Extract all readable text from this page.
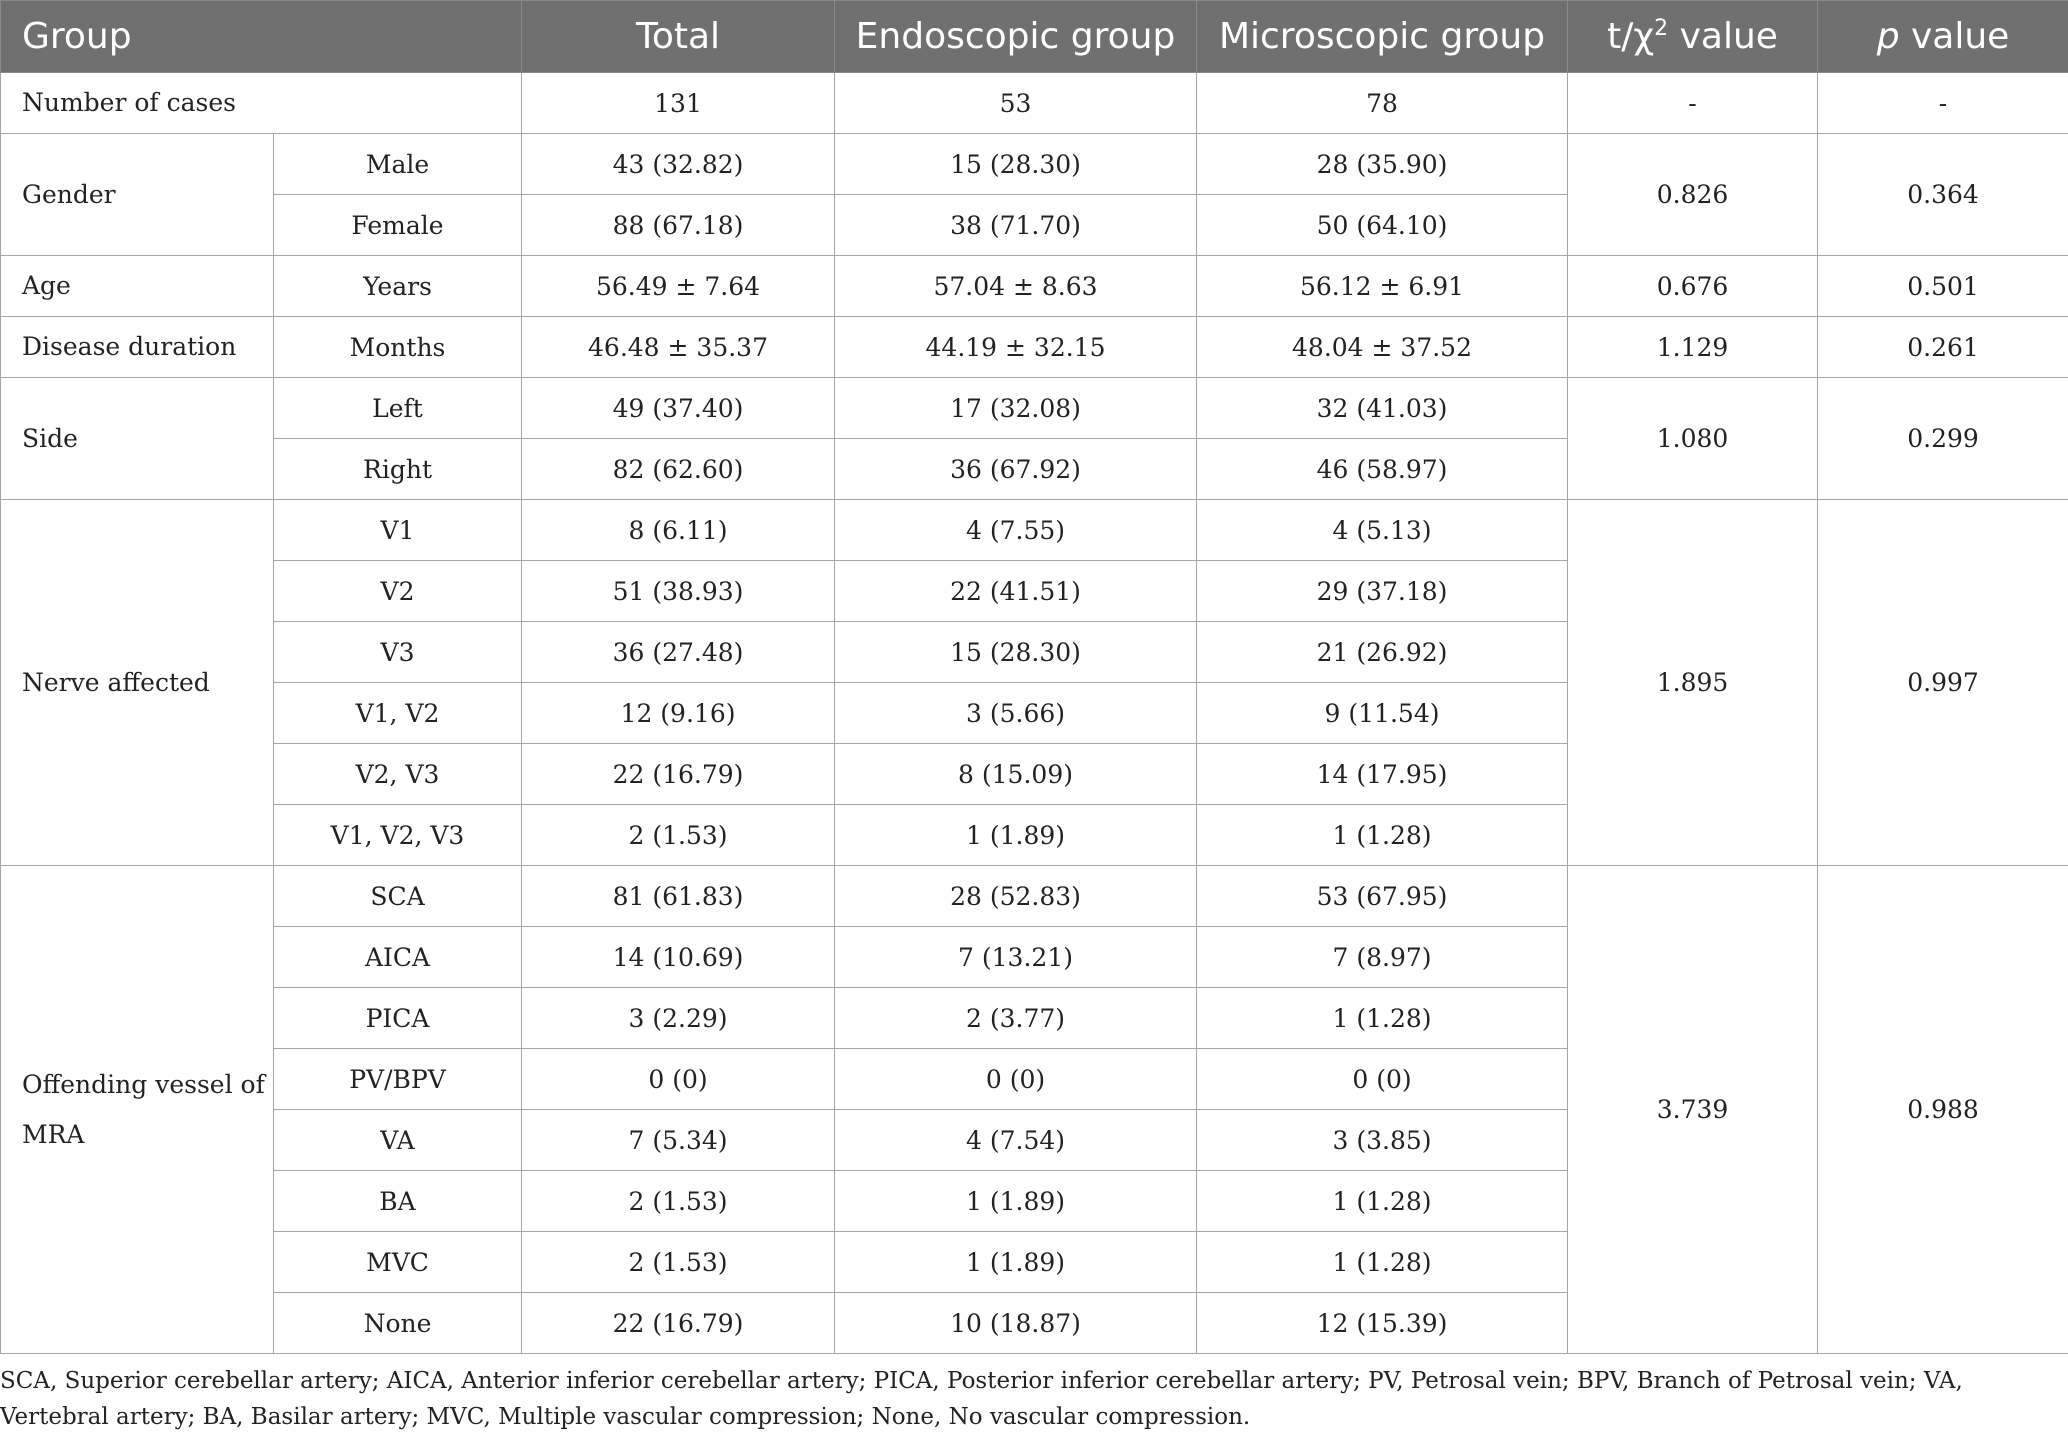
Group		Total	Endoscopic group	Microscopic group	$t/\chi^2$ value	p value
Number of cases		131	53	78	-	-
Gender	Male	43 (32.82)	15 (28.30)	28 (35.90)	0.826	0.364
	Female	88 (67.18)	38 (71.70)	50 (64.10)		
Age	Years	56.49 ± 7.64	57.04 ± 8.63	56.12 ± 6.91	0.676	0.501
Disease duration	Months	46.48 ± 35.37	44.19 ± 32.15	48.04 ± 37.52	1.129	0.261
Side	Left	49 (37.40)	17 (32.08)	32 (41.03)	1.080	0.299
	Right	82 (62.60)	36 (67.92)	46 (58.97)		
Nerve affected	V1	8 (6.11)	4 (7.55)	4 (5.13)	1.895	0.997
	V2	51 (38.93)	22 (41.51)	29 (37.18)		
	V3	36 (27.48)	15 (28.30)	21 (26.92)		
	V1, V2	12 (9.16)	3 (5.66)	9 (11.54)		
	V2, V3	22 (16.79)	8 (15.09)	14 (17.95)		
	V1, V2, V3	2 (1.53)	1 (1.89)	1 (1.28)		
Offending vessel of MRA	SCA	81 (61.83)	28 (52.83)	53 (67.95)	3.739	0.988
	AICA	14 (10.69)	7 (13.21)	7 (8.97)		
	PICA	3 (2.29)	2 (3.77)	1 (1.28)		
	PV/BPV	0 (0)	0 (0)	0 (0)		
	VA	7 (5.34)	4 (7.54)	3 (3.85)		
	BA	2 (1.53)	1 (1.89)	1 (1.28)		
	MVC	2 (1.53)	1 (1.89)	1 (1.28)		
	None	22 (16.79)	10 (18.87)	12 (15.39)		
SCA, Superior cerebellar artery; AICA, Anterior inferior cerebellar artery; PICA, Posterior inferior cerebellar artery; PV, Petrosal vein; BPV, Branch of Petrosal vein; VA, Vertebral artery; BA, Basilar artery; MVC, Multiple vascular compression; None, No vascular compression.
